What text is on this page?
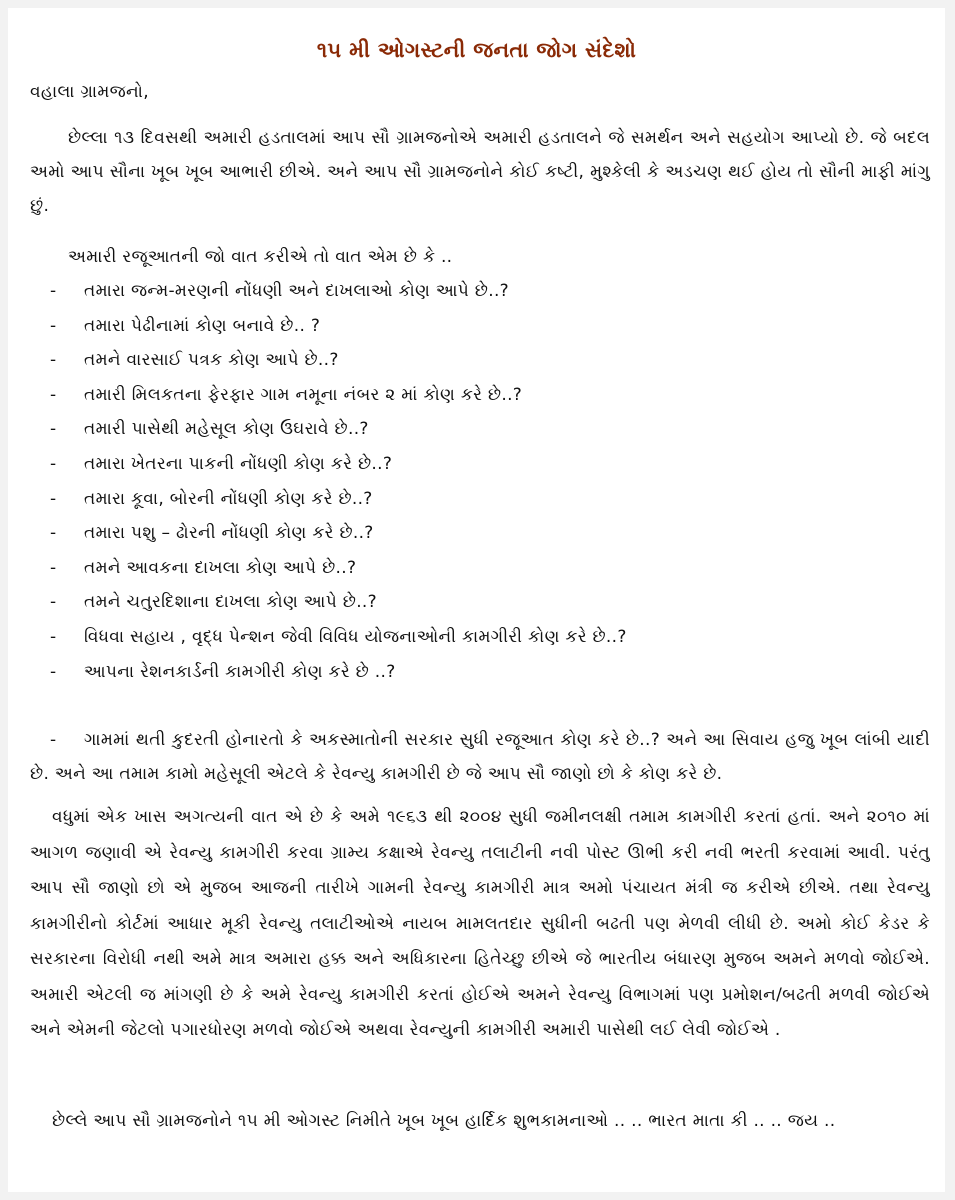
૧૫ મી ઓગસ્ટની જનતા જોગ સંદેશો

વહાલા ગ્રામજનો,

છેલ્લા ૧૩ દિવસથી અમારી હડતાલમાં આપ સૌ ગ્રામજનોએ અમારી હડતાલને જે સમર્થન અને સહયોગ આપ્યો છે. જે બદલ અમો આપ સૌના ખૂબ ખૂબ આભારી છીએ. અને આપ સૌ ગ્રામજનોને કોઈ કષ્ટી, મુશ્કેલી કે અડચણ થઈ હોય તો સૌની માફી માંગુ છું.

અમારી રજૂઆતની જો વાત કરીએ તો વાત એમ છે કે ..

-	તમારા જન્મ-મરણની નોંધણી અને દાખલાઓ કોણ આપે છે..?
-	તમારા પેઢીનામાં કોણ બનાવે છે.. ?
-	તમને વારસાઈ પત્રક કોણ આપે છે..?
-	તમારી મિલકતના ફેરફાર ગામ નમૂના નંબર ૨ માં કોણ કરે છે..?
-	તમારી પાસેથી મહેસૂલ કોણ ઉઘરાવે છે..?
-	તમારા ખેતરના પાકની નોંધણી કોણ કરે છે..?
-	તમારા કૂવા, બોરની નોંધણી કોણ કરે છે..?
-	તમારા પશુ – ઢોરની નોંધણી કોણ કરે છે..?
-	તમને આવકના દાખલા કોણ આપે છે..?
-	તમને ચતુરદિશાના દાખલા કોણ આપે છે..?
-	વિધવા સહાય , વૃદ્ધ પેન્શન જેવી વિવિધ યોજનાઓની કામગીરી કોણ કરે છે..?
-	આપના રેશનકાર્ડની કામગીરી કોણ કરે છે ..?

- ગામમાં થતી કુદરતી હોનારતો કે અકસ્માતોની સરકાર સુધી રજૂઆત કોણ કરે છે..? અને આ સિવાય હજુ ખૂબ લાંબી યાદી છે. અને આ તમામ કામો મહેસૂલી એટલે કે રેવન્યુ કામગીરી છે જે આપ સૌ જાણો છો કે કોણ કરે છે.

વધુમાં એક ખાસ અગત્યની વાત એ છે કે અમે ૧૯૬૩ થી ૨૦૦૪ સુધી જમીનલક્ષી તમામ કામગીરી કરતાં હતાં. અને ૨૦૧૦ માં આગળ જણાવી એ રેવન્યુ કામગીરી કરવા ગ્રામ્ય કક્ષાએ રેવન્યુ તલાટીની નવી પોસ્ટ ઊભી કરી નવી ભરતી કરવામાં આવી. પરંતુ આપ સૌ જાણો છો એ મુજબ આજની તારીખે ગામની રેવન્યુ કામગીરી માત્ર અમો પંચાયત મંત્રી જ કરીએ છીએ. તથા રેવન્યુ કામગીરીનો કોર્ટમાં આધાર મૂકી રેવન્યુ તલાટીઓએ નાયબ મામલતદાર સુધીની બઢતી પણ મેળવી લીધી છે. અમો કોઈ કેડર કે સરકારના વિરોધી નથી અમે માત્ર અમારા હક્ક અને અધિકારના હિતેચ્છુ છીએ જે ભારતીય બંધારણ મુજબ અમને મળવો જોઈએ. અમારી એટલી જ માંગણી છે કે અમે રેવન્યુ કામગીરી કરતાં હોઈએ અમને રેવન્યુ વિભાગમાં પણ પ્રમોશન/બઢતી મળવી જોઈએ અને એમની જેટલો પગારધોરણ મળવો જોઈએ અથવા રેવન્યુની કામગીરી અમારી પાસેથી લઈ લેવી જોઈએ .

છેલ્લે આપ સૌ ગ્રામજનોને ૧૫ મી ઓગસ્ટ નિમીતે ખૂબ ખૂબ હાર્દિક શુભકામનાઓ .. .. ભારત માતા કી .. .. જય ..
